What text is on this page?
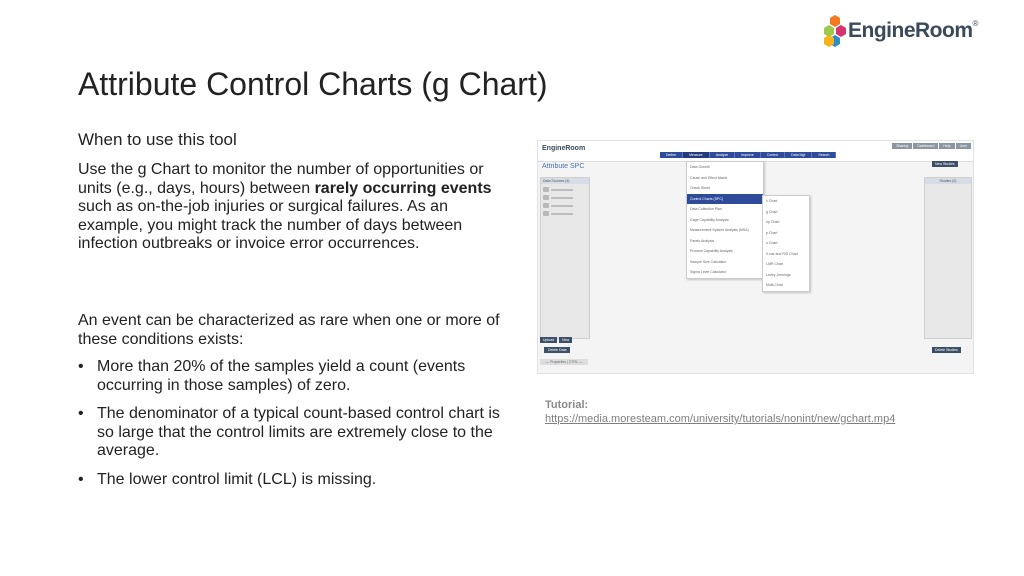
EngineRoom®
Attribute Control Charts (g Chart)
When to use this tool
Use the g Chart to monitor the number of opportunities or units (e.g., days, hours) between rarely occurring events such as on-the-job injuries or surgical failures. As an example, you might track the number of days between infection outbreaks or invoice error occurrences.
An event can be characterized as rare when one or more of these conditions exists:
• More than 20% of the samples yield a count (events occurring in those samples) of zero.
• The denominator of a typical count-based control chart is so large that the control limits are extremely close to the average.
• The lower control limit (LCL) is missing.
EngineRoom	Sharing	Dashboard	Help	User
Define	Measure	Analyze	Improve	Control	Data Mgt	Search
Attribute SPC
Data Sources (4)
Upload	New
Delete Data
— Properties | CTRL —
New Studies
Studies (0)
Delete Studies
Data Growth
Cause and Effect Matrix
Check Sheet
Control Charts (SPC)
Data Collection Plan
Gage Capability Analysis
Measurement System Analysis (MSA)
Pareto Analysis
Process Capability Analysis
Sample Size Calculator
Sigma Level Calculator
c Chart
g Chart
np Chart
p Chart
u Chart
X-bar and R/S Chart
I-MR Chart
Levey-Jennings
Multi-Chart
Tutorial:
https://media.moresteam.com/university/tutorials/nonint/new/gchart.mp4
